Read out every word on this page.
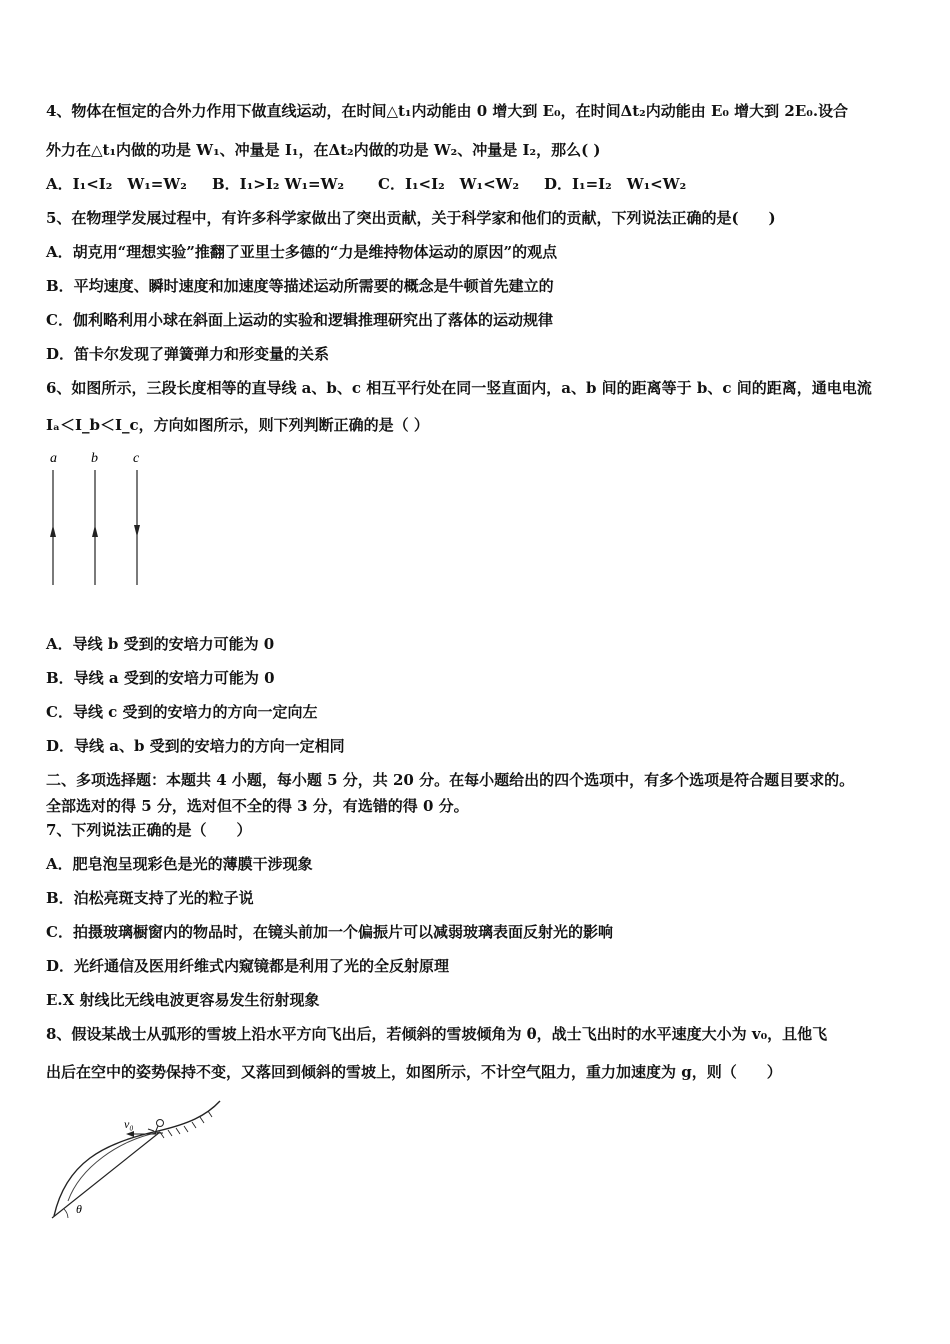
4、物体在恒定的合外力作用下做直线运动，在时间△t₁内动能由 0 增大到 E₀，在时间Δt₂内动能由 E₀ 增大到 2E₀.设合
外力在△t₁内做的功是 W₁、冲量是 I₁，在Δt₂内做的功是 W₂、冲量是 I₂，那么( )
A．I₁<I₂　W₁=W₂ B．I₁>I₂ W₁=W₂ C．I₁<I₂　W₁<W₂ D．I₁=I₂　W₁<W₂
5、在物理学发展过程中，有许多科学家做出了突出贡献，关于科学家和他们的贡献，下列说法正确的是(　　)
A．胡克用“理想实验”推翻了亚里士多德的“力是维持物体运动的原因”的观点
B．平均速度、瞬时速度和加速度等描述运动所需要的概念是牛顿首先建立的
C．伽利略利用小球在斜面上运动的实验和逻辑推理研究出了落体的运动规律
D．笛卡尔发现了弹簧弹力和形变量的关系
6、如图所示，三段长度相等的直导线 a、b、c 相互平行处在同一竖直面内，a、b 间的距离等于 b、c 间的距离，通电电流
Iₐ＜I_b＜I_c，方向如图所示，则下列判断正确的是（ ）
a b	c
A．导线 b 受到的安培力可能为 0
B．导线 a 受到的安培力可能为 0
C．导线 c 受到的安培力的方向一定向左
D．导线 a、b 受到的安培力的方向一定相同
二、多项选择题：本题共 4 小题，每小题 5 分，共 20 分。在每小题给出的四个选项中，有多个选项是符合题目要求的。
全部选对的得 5 分，选对但不全的得 3 分，有选错的得 0 分。
7、下列说法正确的是（　　）
A．肥皂泡呈现彩色是光的薄膜干涉现象
B．泊松亮斑支持了光的粒子说
C．拍摄玻璃橱窗内的物品时，在镜头前加一个偏振片可以减弱玻璃表面反射光的影响
D．光纤通信及医用纤维式内窥镜都是利用了光的全反射原理
E.X 射线比无线电波更容易发生衍射现象
8、假设某战士从弧形的雪坡上沿水平方向飞出后，若倾斜的雪坡倾角为 θ，战士飞出时的水平速度大小为 v₀，且他飞
出后在空中的姿势保持不变，又落回到倾斜的雪坡上，如图所示，不计空气阻力，重力加速度为 g，则（　　）
v₀
θ
